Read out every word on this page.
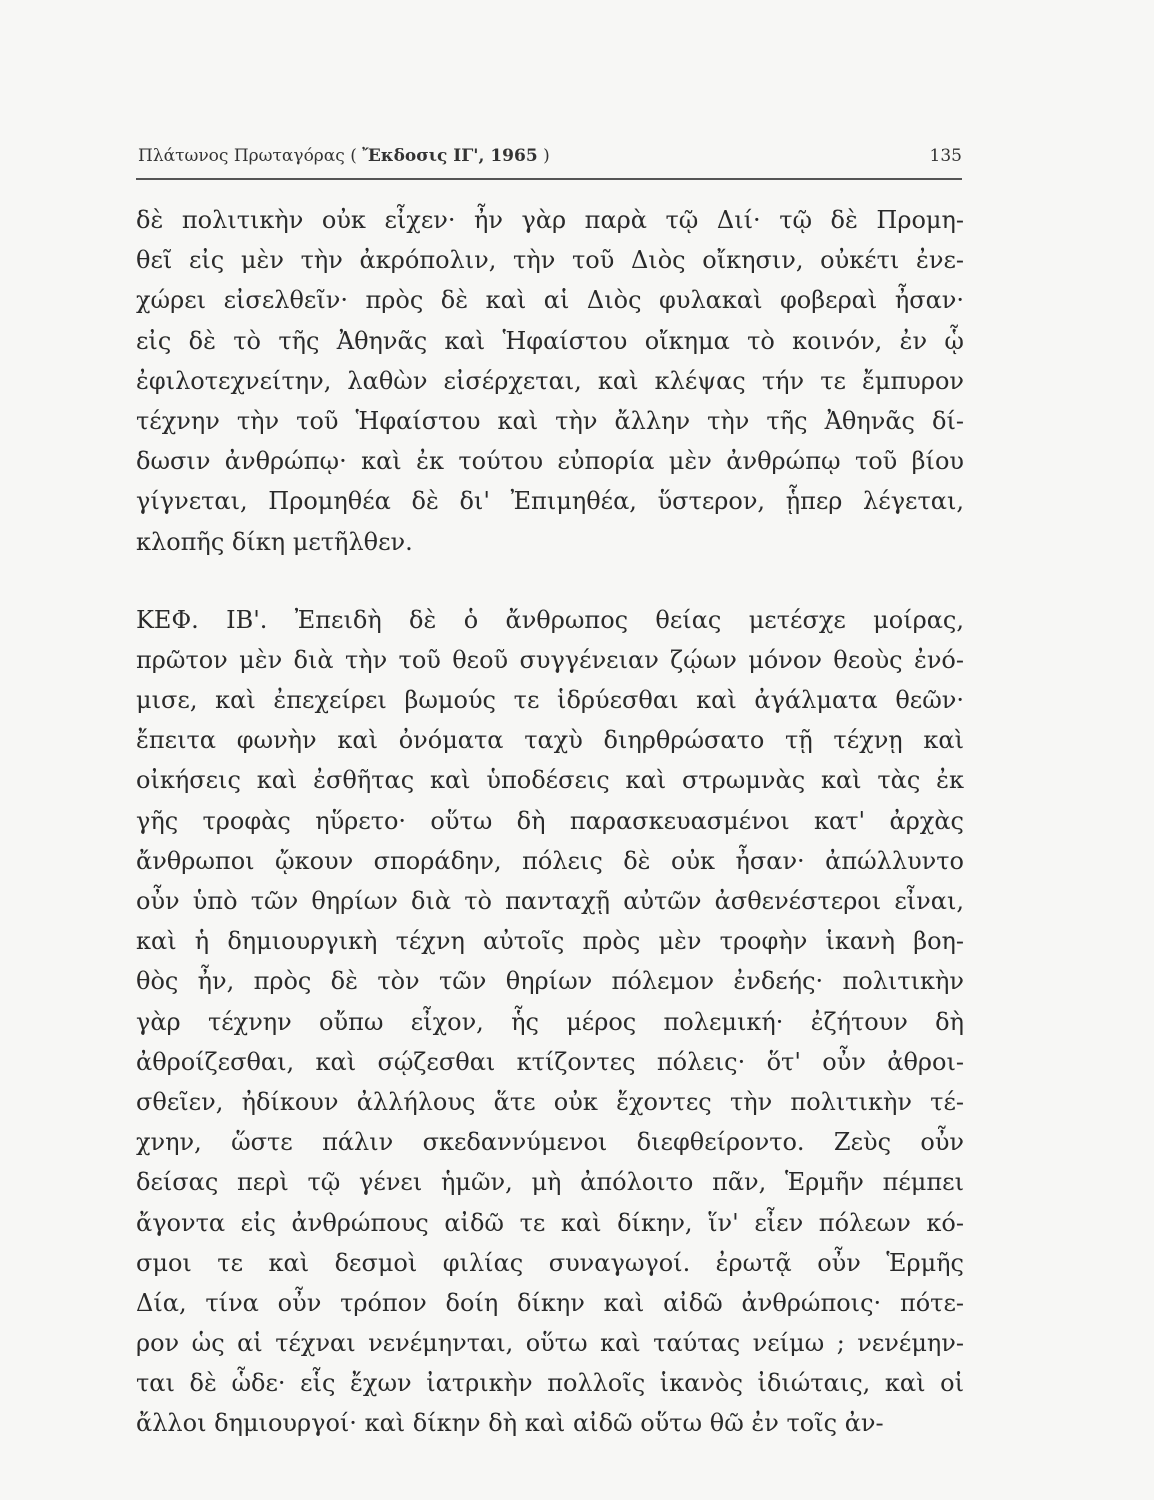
Πλάτωνος Πρωταγόρας ( Ἔκδοσις ΙΓ', 1965 )	135
δὲ πολιτικὴν οὐκ εἶχεν· ἦν γὰρ παρὰ τῷ Διί· τῷ δὲ Προμη-
θεῖ εἰς μὲν τὴν ἀκρόπολιν, τὴν τοῦ Διὸς οἴκησιν, οὐκέτι ἐνε-
χώρει εἰσελθεῖν· πρὸς δὲ καὶ αἱ Διὸς φυλακαὶ φοβεραὶ ἦσαν·
εἰς δὲ τὸ τῆς Ἀθηνᾶς καὶ Ἡφαίστου οἴκημα τὸ κοινόν, ἐν ᾧ
ἐφιλοτεχνείτην, λαθὼν εἰσέρχεται, καὶ κλέψας τήν τε ἔμπυρον
τέχνην τὴν τοῦ Ἡφαίστου καὶ τὴν ἄλλην τὴν τῆς Ἀθηνᾶς δί-
δωσιν ἀνθρώπῳ· καὶ ἐκ τούτου εὐπορία μὲν ἀνθρώπῳ τοῦ βίου
γίγνεται, Προμηθέα δὲ δι' Ἐπιμηθέα, ὕστερον, ᾗπερ λέγεται,
κλοπῆς δίκη μετῆλθεν.
ΚΕΦ. ΙΒ'. Ἐπειδὴ δὲ ὁ ἄνθρωπος θείας μετέσχε μοίρας,
πρῶτον μὲν διὰ τὴν τοῦ θεοῦ συγγένειαν ζῴων μόνον θεοὺς ἐνό-
μισε, καὶ ἐπεχείρει βωμούς τε ἱδρύεσθαι καὶ ἀγάλματα θεῶν·
ἔπειτα φωνὴν καὶ ὀνόματα ταχὺ διηρθρώσατο τῇ τέχνῃ καὶ
οἰκήσεις καὶ ἐσθῆτας καὶ ὑποδέσεις καὶ στρωμνὰς καὶ τὰς ἐκ
γῆς τροφὰς ηὕρετο· οὕτω δὴ παρασκευασμένοι κατ' ἀρχὰς
ἄνθρωποι ᾤκουν σποράδην, πόλεις δὲ οὐκ ἦσαν· ἀπώλλυντο
οὖν ὑπὸ τῶν θηρίων διὰ τὸ πανταχῇ αὐτῶν ἀσθενέστεροι εἶναι,
καὶ ἡ δημιουργικὴ τέχνη αὐτοῖς πρὸς μὲν τροφὴν ἱκανὴ βοη-
θὸς ἦν, πρὸς δὲ τὸν τῶν θηρίων πόλεμον ἐνδεής· πολιτικὴν
γὰρ τέχνην οὔπω εἶχον, ἧς μέρος πολεμική· ἐζήτουν δὴ
ἀθροίζεσθαι, καὶ σῴζεσθαι κτίζοντες πόλεις· ὅτ' οὖν ἀθροι-
σθεῖεν, ἠδίκουν ἀλλήλους ἅτε οὐκ ἔχοντες τὴν πολιτικὴν τέ-
χνην, ὥστε πάλιν σκεδαννύμενοι διεφθείροντο. Ζεὺς οὖν
δείσας περὶ τῷ γένει ἡμῶν, μὴ ἀπόλοιτο πᾶν, Ἑρμῆν πέμπει
ἄγοντα εἰς ἀνθρώπους αἰδῶ τε καὶ δίκην, ἵν' εἶεν πόλεων κό-
σμοι τε καὶ δεσμοὶ φιλίας συναγωγοί. ἐρωτᾷ οὖν Ἑρμῆς
Δία, τίνα οὖν τρόπον δοίη δίκην καὶ αἰδῶ ἀνθρώποις· πότε-
ρον ὡς αἱ τέχναι νενέμηνται, οὕτω καὶ ταύτας νείμω ; νενέμην-
ται δὲ ὧδε· εἷς ἔχων ἰατρικὴν πολλοῖς ἱκανὸς ἰδιώταις, καὶ οἱ
ἄλλοι δημιουργοί· καὶ δίκην δὴ καὶ αἰδῶ οὕτω θῶ ἐν τοῖς ἀν-
